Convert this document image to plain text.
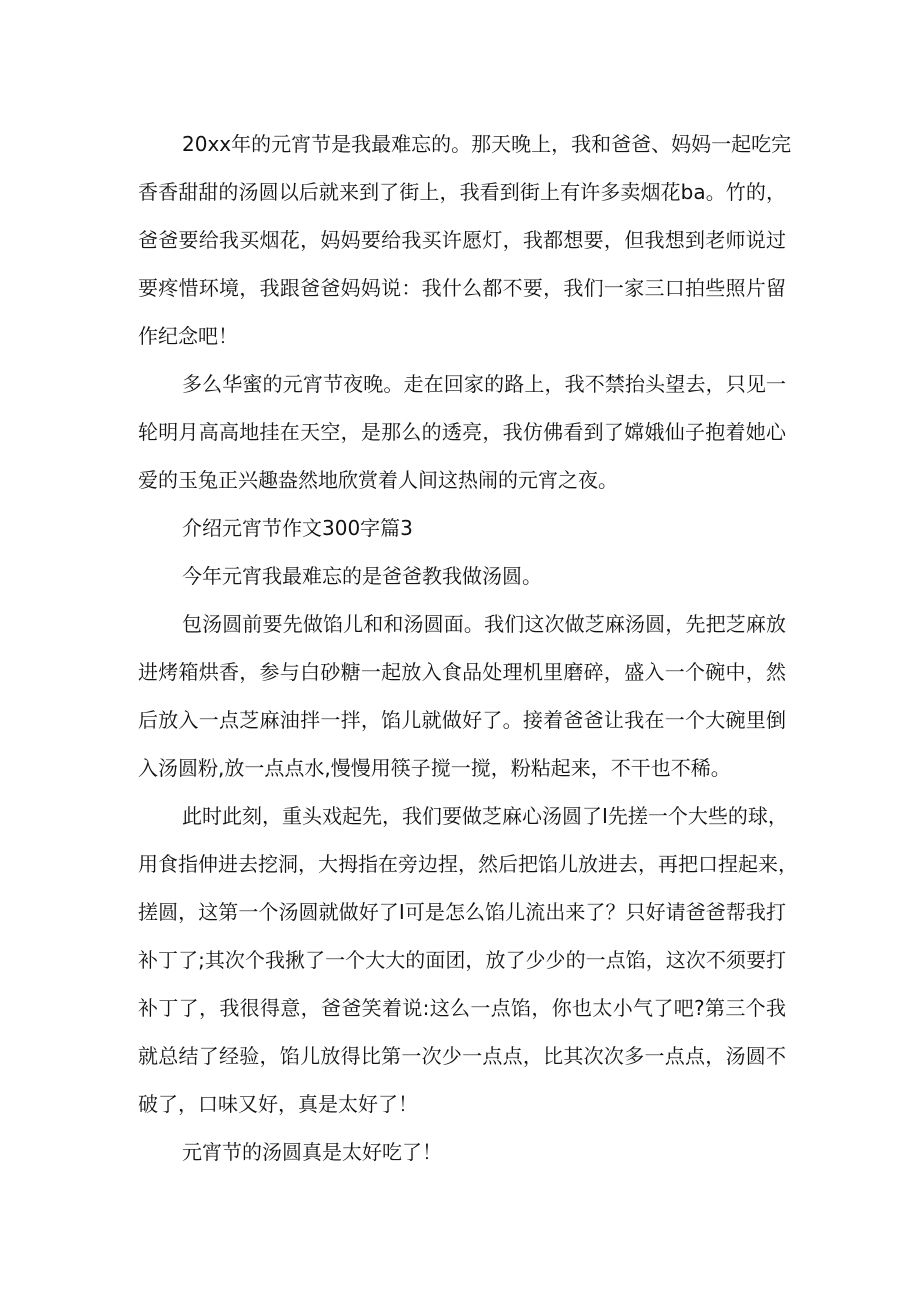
20xx年的元宵节是我最难忘的。那天晚上，我和爸爸、妈妈一起吃完
香香甜甜的汤圆以后就来到了街上，我看到街上有许多卖烟花ba。竹的，
爸爸要给我买烟花，妈妈要给我买许愿灯，我都想要，但我想到老师说过
要疼惜环境，我跟爸爸妈妈说：我什么都不要，我们一家三口拍些照片留
作纪念吧！

多么华蜜的元宵节夜晚。走在回家的路上，我不禁抬头望去，只见一
轮明月高高地挂在天空，是那么的透亮，我仿佛看到了嫦娥仙子抱着她心
爱的玉兔正兴趣盎然地欣赏着人间这热闹的元宵之夜。

介绍元宵节作文300字篇3

今年元宵我最难忘的是爸爸教我做汤圆。

包汤圆前要先做馅儿和和汤圆面。我们这次做芝麻汤圆，先把芝麻放
进烤箱烘香，参与白砂糖一起放入食品处理机里磨碎，盛入一个碗中，然
后放入一点芝麻油拌一拌，馅儿就做好了。接着爸爸让我在一个大碗里倒
入汤圆粉,放一点点水,慢慢用筷子搅一搅，粉粘起来，不干也不稀。

此时此刻，重头戏起先，我们要做芝麻心汤圆了I先搓一个大些的球，
用食指伸进去挖洞，大拇指在旁边捏，然后把馅儿放进去，再把口捏起来，
搓圆，这第一个汤圆就做好了I可是怎么馅儿流出来了？只好请爸爸帮我打
补丁了;其次个我揪了一个大大的面团，放了少少的一点馅，这次不须要打
补丁了，我很得意，爸爸笑着说:这么一点馅，你也太小气了吧?第三个我
就总结了经验，馅儿放得比第一次少一点点，比其次次多一点点，汤圆不
破了，口味又好，真是太好了！

元宵节的汤圆真是太好吃了！
